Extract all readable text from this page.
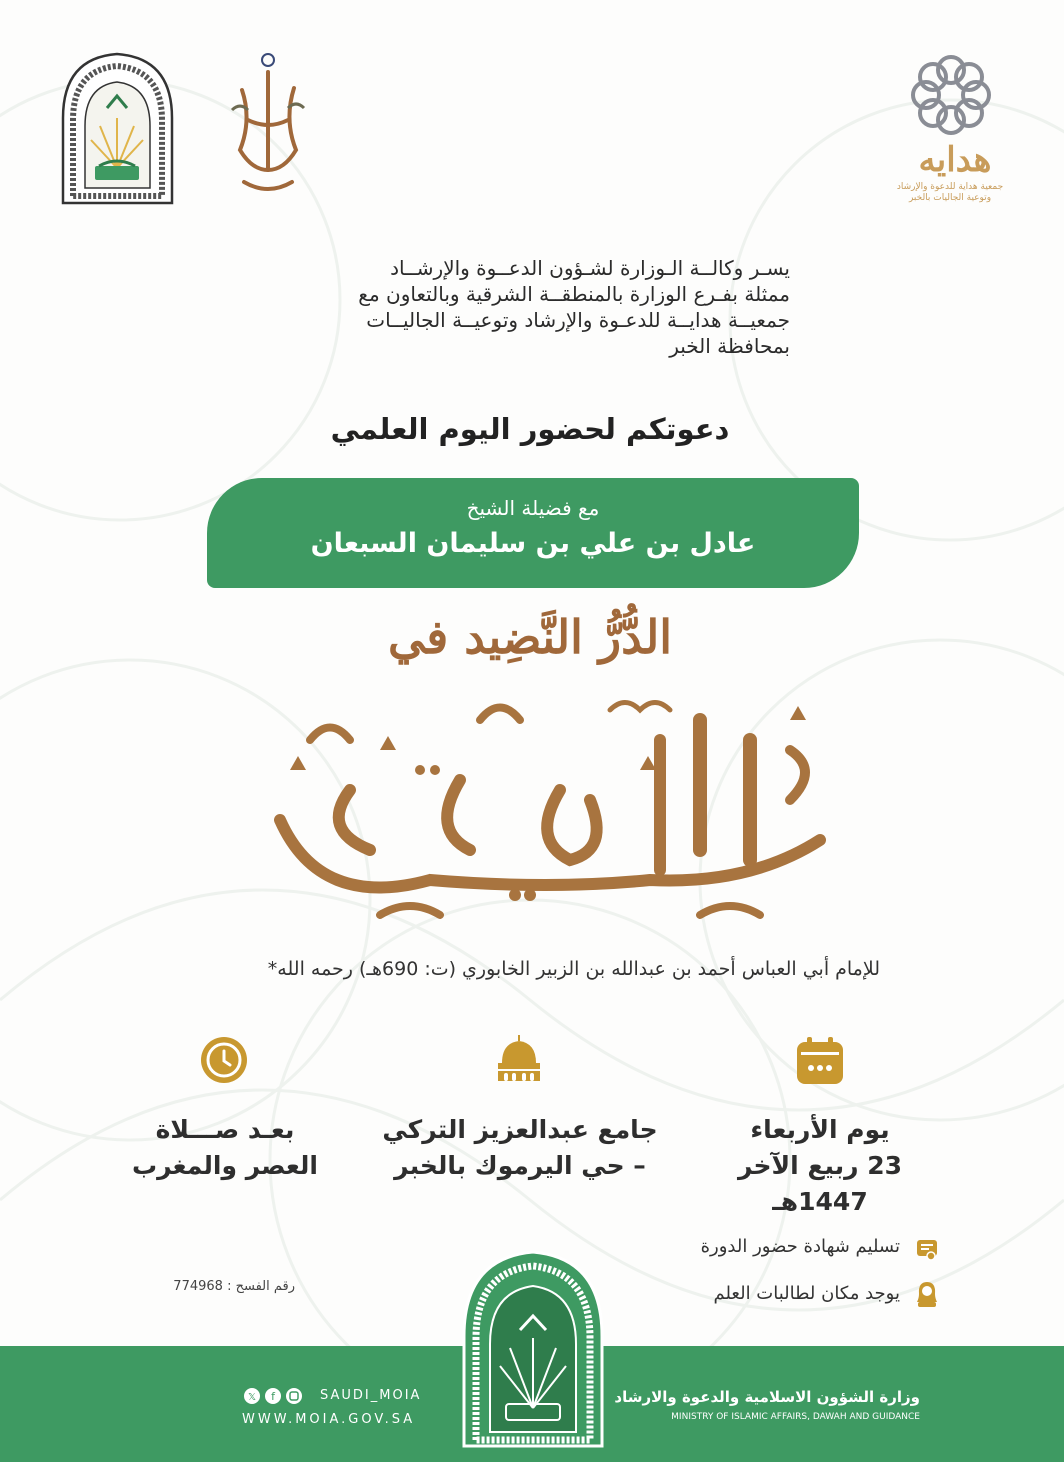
هدايه
جمعية هداية للدعوة والإرشاد
وتوعية الجاليات بالخبر

يسـر وكالــة الـوزارة لشـؤون الدعــوة والإرشــاد

ممثلة بفـرع الوزارة بالمنطقــة الشرقية وبالتعاون مع

جمعيــة هدايــة للدعـوة والإرشاد وتوعيــة الجاليــات

بمحافظة الخبر

دعوتكم لحضور اليوم العلمي
مع فضيلة الشيخ
عادل بن علي بن سليمان السبعان
الدُّرُّ النَّضِيد في
للإمام أبي العباس أحمد بن عبدالله بن الزبير الخابوري (ت: 690هـ) رحمه الله*
يوم الأربعاء
23 ربيع الآخر 1447هـ
جامع عبدالعزيز التركي
– حي اليرموك بالخبر
بعـد صـــلاة
العصر والمغرب
تسليم شهادة حضور الدورة
يوجد مكان لطالبات العلم
رقم الفسح : 774968
وزارة الشؤون الاسلامية والدعوة والارشاد
MINISTRY OF ISLAMIC AFFAIRS, DAWAH AND GUIDANCE
𝕏 f	SAUDI_MOIA
WWW.MOIA.GOV.SA
